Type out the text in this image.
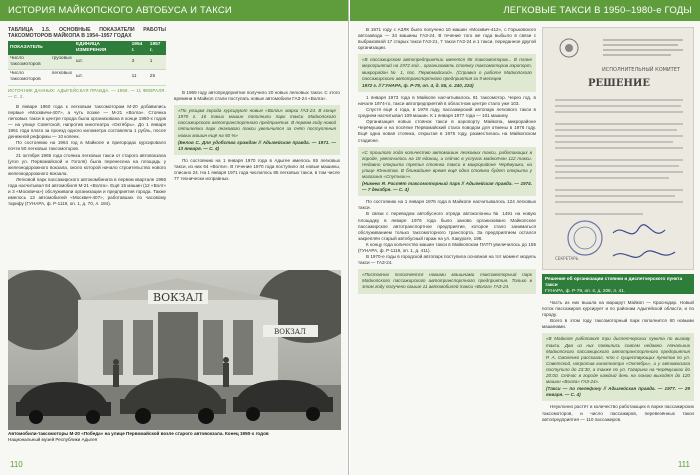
ИСТОРИЯ МАЙКОПСКОГО АВТОБУСА И ТАКСИ
ТАБЛИЦА 1.5. ОСНОВНЫЕ ПОКАЗАТЕЛИ РАБОТЫ ТАКСОМОТОРОВ МАЙКОПА В 1954–1957 ГОДАХ
ПОКАЗАТЕЛЬ	ЕДИНИЦА ИЗМЕРЕНИЯ	1954 г.	1957 г.
Число грузовых таксомоторов	шт.	3	1
Число легковых таксомоторов	шт.	11	25
ИСТОЧНИК ДАННЫХ: АДЫГЕЙСКАЯ ПРАВДА. — 1958. — 11 ФЕВРАЛЯ. — С. 2.

В январе 1960 года к легковым таксомоторам М-20 добавились первые «Москвичи-407», а чуть позже — М-21 «Волга». Стоянка легковых такси в центре города была организована в конце 1960-х годов — на улице Советской, напротив кинотеатра «Октябрь». До 1 января 1961 года плата за проезд одного километра составляла 1 рубль, после денежной реформы — 10 копеек.

По состоянию на 1964 год в Майкопе и пригородах курсировало почти 50 легковых таксомоторов.

21 октября 1965 года стоянка легковых такси от старого автовокзала (угол ул. Первомайской и Гоголя) была перенесена на площадь у железнодорожного вокзала, около которой начало строительство нового железнодорожного вокзала.

Легковой парк пассажирского автокомбината в первом квартале 1966 года насчитывал 64 автомобиля М-21 «Волга». Ещё 15 машин (12 «Волг» и 3 «Москвича») обслуживали организации и предприятия города. Также имелось 13 автомобилей «Москвич-407», работавших по часовому тарифу (ГУНАРА, ф. Р-1119, оп. 1, д. 70, л. 184).

В 1969 году автопредприятие получило 20 новых легковых такси. С этого времени в Майкоп стали поступать новые автомобили ГАЗ-24 «Волга».

«По улицам города курсируют новые «Волги» марки ГАЗ-24. В конце 1970 г. 16 таких машин пополнили парк такси Майкопского пассажирского автотранспортного предприятия. В первом году новой пятилетки парк легкового такси увеличится за счёт поступления новых машин ещё на 50 %»

(Белов С. Для удобства граждан // Адыгейская правда. — 1971. — 13 января. — С. 4)

По состоянию на 1 января 1970 года в Адыгее имелось 65 легковых такси, из них 64 «Волги». В течение 1970 года поступило 44 новые машины, списано 24. На 1 января 1971 года числилось 85 легковых такси, в том числе 77 технически исправных.

ВОКЗАЛ
ВОКЗАЛ
Автомобили-таксомоторы М-20 «Победа» на улице Первомайской возле старого автовокзала. Конец 1950-х годов
Национальный музей Республики Адыгея
110
ЛЕГКОВЫЕ ТАКСИ В 1950–1980-е ГОДЫ

В 1971 году с АЗЛК было получено 10 машин «Москвич-412», с Горьковского автозавода — 34 машины ГАЗ-24. В течение того же года выбыло в связи с выбраковкой 17 старых такси ГАЗ-21, 7 такси ГАЗ-24 и 1 такси, переданное другой организации.

«В пассажирском автопредприятии имеется 86 таксомоторов... В плане мероприятий на 1972 год... организовать стоянку таксомоторов аэропорт, микрорайон № 1, пос. Первомайский». (Справка о работе Майкопского пассажирского автотранспортного предприятия за 9 месяцев

1972 г. // ГУНАРА, ф. Р-79, оп. 4, д. 55, л. 240, 224)

1 января 1973 года в Майкопе насчитывалось 91 таксомотор. Через год, в начале 1974-го, такси автопредприятий в областном центре стало уже 103.

Спустя ещё 4 года, в 1978 году, пассажирский автопарк легкового такси в среднем насчитывал 109 машин. К 1 января 1977 года — 101 машину.

Организация новых стоянок такси в аэропорту Майкопа, микрорайоне Черёмушки и на посёлке Первомайский стала поводом для отмены в 1976 году. Ещё одна новая стоянка, открытая в 1975 году, разместилась на Майкопском стадионе.

«С прошлого года количество автомашин легковых такси, работающих в городе, увеличилось на 18 единиц, и сейчас в услугах майкопчан 112 такси. Недавно открыта третья стоянка такси в микрорайоне Черёмушки, на улице Юннатов. В ближайшее время ещё одна стоянка будет открыта у магазина «Спутник»».

(Никеев Я. Растёт таксомоторный парк // Адыгейская правда. — 1974. — 7 декабря. — С. 4)

По состоянию на 1 января 1976 года в Майкопе насчитывалось 124 легковых такси.

В связи с переводом автобусного отряда автоколонны № 1491 на новую площадку в январе 1976 года было заново организовано Майкопское пассажирское автотранспортное предприятие, которое стало заниматься обслуживанием только таксомоторного транспорта. За предприятием остался закреплён старый автобусный гараж на ул. Хакурате, 196.

К концу года количество машин такси в Майкопском ПАТП увеличилось до 155 (ГУНАРА, ф. Р-1119, оп. 1, д. 411).

В 1970-е годы в городской автопарк поступила основная на тот момент модель такси — ГАЗ-24.

«Постоянно пополняется новыми машинами таксомоторный парк Майкопского пассажирского автотранспортного предприятия. Только в этом году получено свыше 11 автомобилей такси «Волга» ГАЗ-24.

ИСПОЛНИТЕЛЬНЫЙ КОМИТЕТ
РЕШЕНИЕ
СЕКРЕТАРЬ
Решение об организации стоянки и диспетчерского пункта такси
ГУНАРА, ф. Р-79, оп. 4, д. 208, л. 41.

Часть из них вышла на маршрут Майкоп — Краснодар. Новый поток пассажиров курсирует и по районам Адыгейской области, и по городу.

Всего в этом году таксомоторный парк пополнится 60 новыми машинами.

«В Майкопе работают три диспетчерских пункта по вызову такси. Два из них появились совсем недавно. Начальник Майкопского пассажирского автотранспортного предприятия Р. А. Смоленко рассказал, что с существующих пунктов по ул. Советской, напротив кинотеатра «Октябрь», и у автовокзала поступило до 23:30, а также по ул. Гагарина на Черёмушках до 20:00. Сейчас в городе каждый день на линию выходят до 120 машин «Волга» ГАЗ-24».

(Такси — по телефону // Адыгейская правда. — 1977. — 29 января. — С. 4)

Неуклонно растёт и количество работающих в парке пассажирских таксомоторов, и число пассажиров, перевезённых такси автопредприятия — 110 пассажиров.

111
